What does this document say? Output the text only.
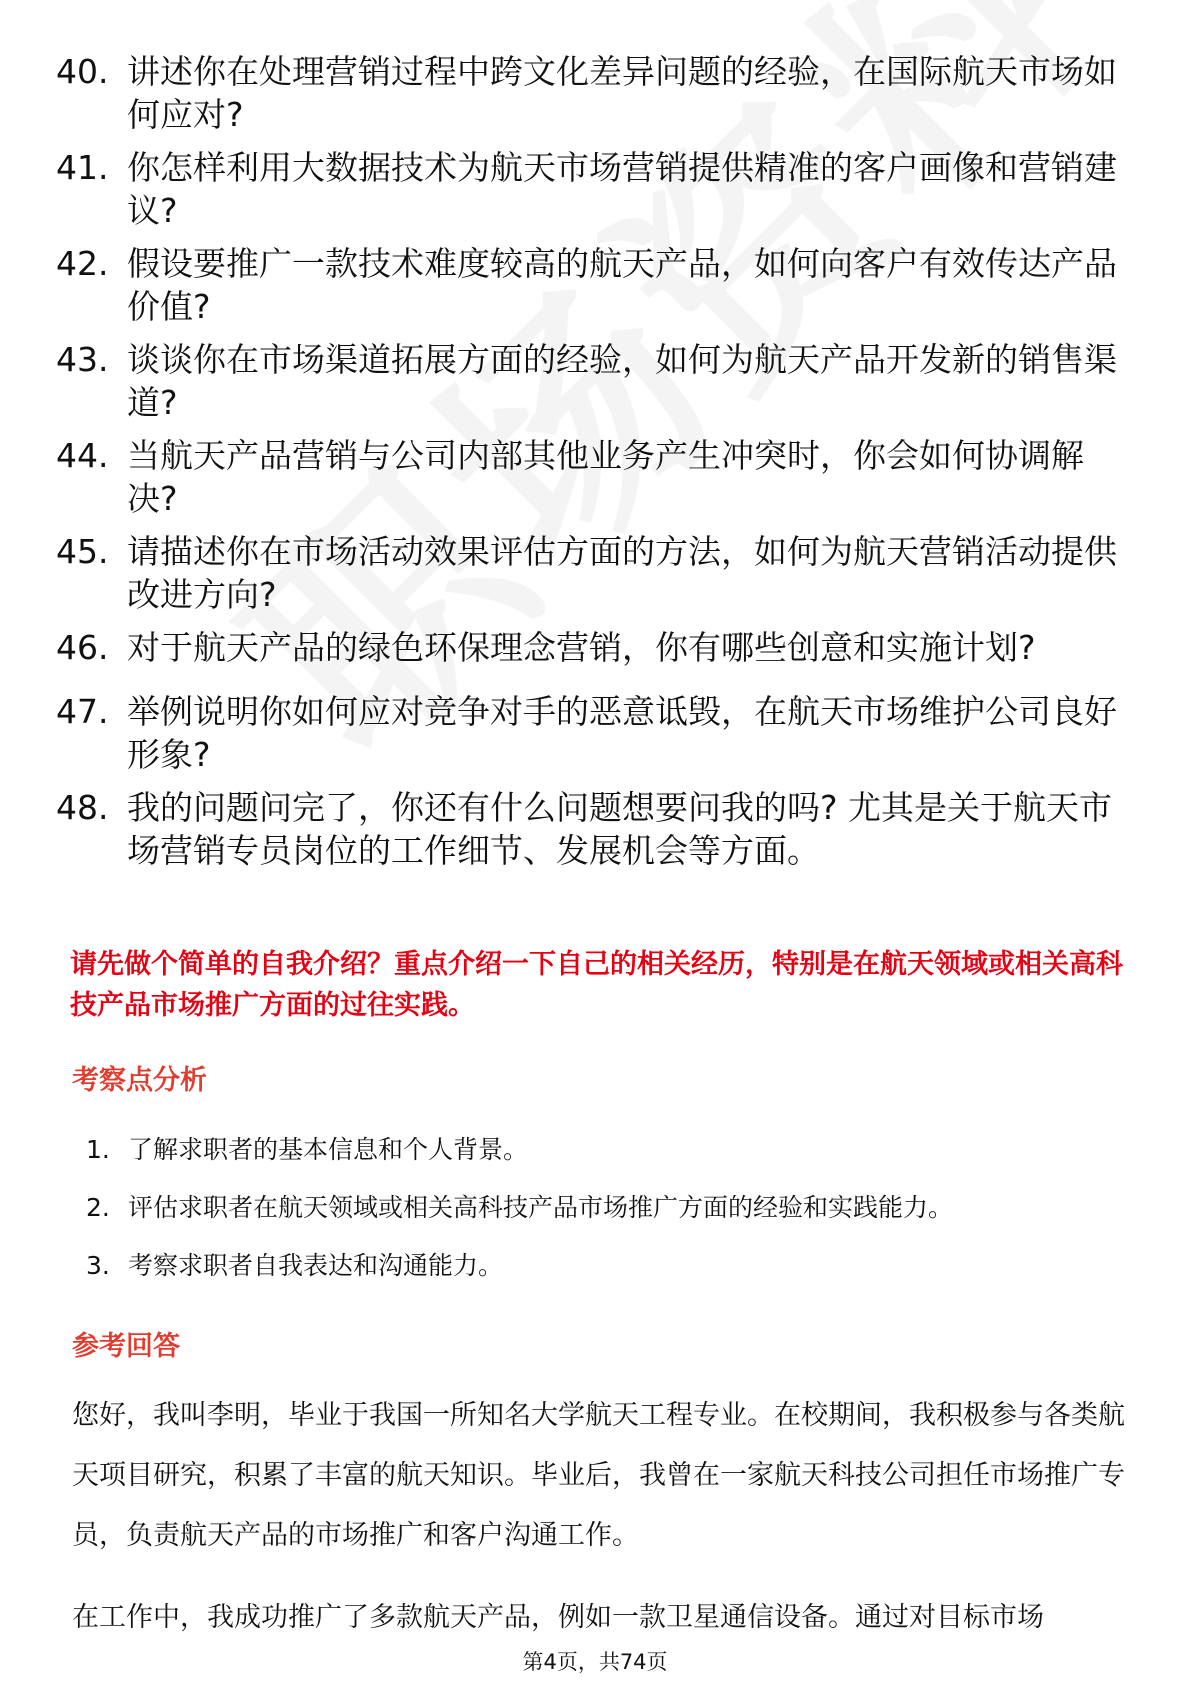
40. 讲述你在处理营销过程中跨文化差异问题的经验，在国际航天市场如何应对?
41. 你怎样利用大数据技术为航天市场营销提供精准的客户画像和营销建议?
42. 假设要推广一款技术难度较高的航天产品，如何向客户有效传达产品价值?
43. 谈谈你在市场渠道拓展方面的经验，如何为航天产品开发新的销售渠道?
44. 当航天产品营销与公司内部其他业务产生冲突时，你会如何协调解决?
45. 请描述你在市场活动效果评估方面的方法，如何为航天营销活动提供改进方向?
46. 对于航天产品的绿色环保理念营销，你有哪些创意和实施计划?
47. 举例说明你如何应对竞争对手的恶意诋毁，在航天市场维护公司良好形象?
48. 我的问题问完了，你还有什么问题想要问我的吗? 尤其是关于航天市场营销专员岗位的工作细节、发展机会等方面。
请先做个简单的自我介绍？重点介绍一下自己的相关经历，特别是在航天领域或相关高科技产品市场推广方面的过往实践。
考察点分析
1. 了解求职者的基本信息和个人背景。
2. 评估求职者在航天领域或相关高科技产品市场推广方面的经验和实践能力。
3. 考察求职者自我表达和沟通能力。
参考回答
您好，我叫李明，毕业于我国一所知名大学航天工程专业。在校期间，我积极参与各类航天项目研究，积累了丰富的航天知识。毕业后，我曾在一家航天科技公司担任市场推广专员，负责航天产品的市场推广和客户沟通工作。
在工作中，我成功推广了多款航天产品，例如一款卫星通信设备。通过对目标市场
第4页，共74页
